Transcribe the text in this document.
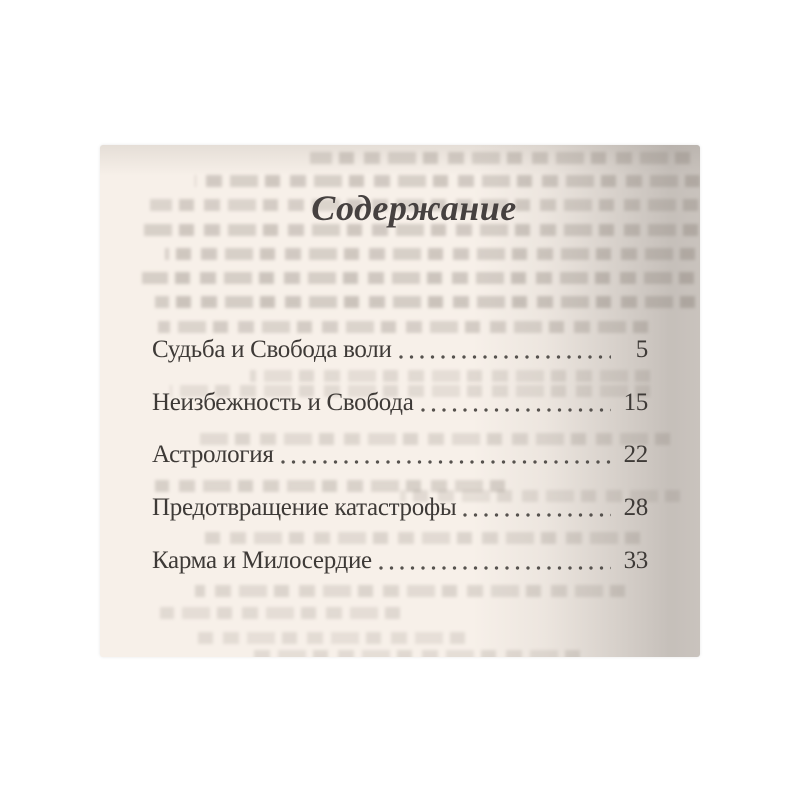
Содержание
Судьба и Свобода воли	5
Неизбежность и Свобода	15
Астрология	22
Предотвращение катастрофы	28
Карма и Милосердие	33
